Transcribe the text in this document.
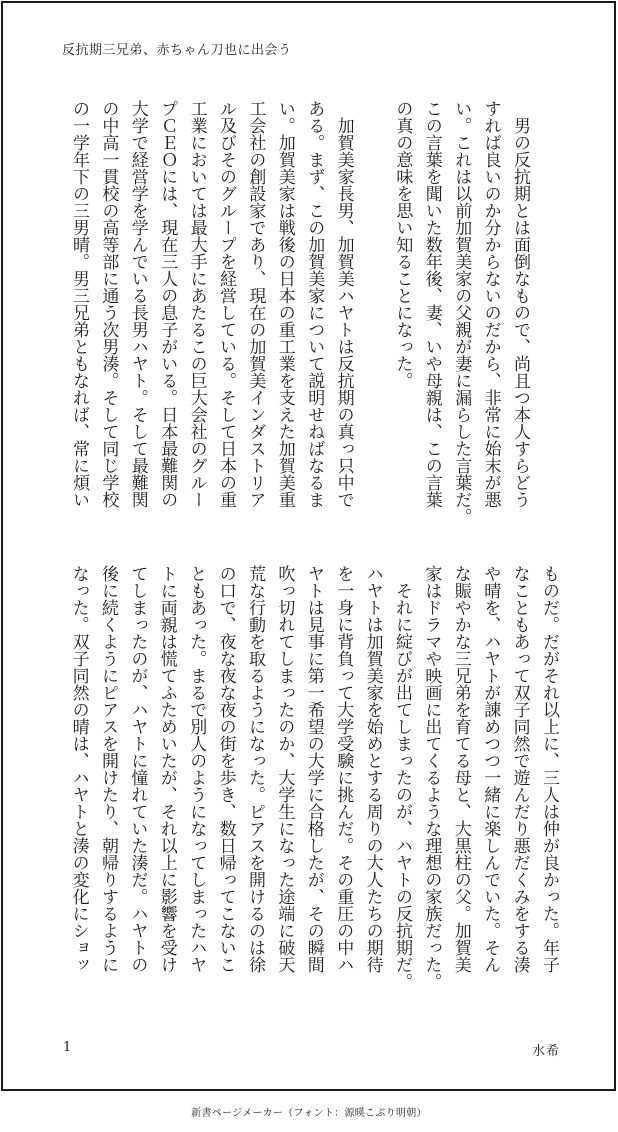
反抗期三兄弟、赤ちゃん刀也に出会う
　男の反抗期とは面倒なもので、尚且つ本人すらどう
すれば良いのか分からないのだから、非常に始末が悪
い。これは以前加賀美家の父親が妻に漏らした言葉だ。
この言葉を聞いた数年後、妻、いや母親は、この言葉
の真の意味を思い知ることになった。
　加賀美家長男、加賀美ハヤトは反抗期の真っ只中で
ある。まず、この加賀美家について説明せねばなるま
い。加賀美家は戦後の日本の重工業を支えた加賀美重
工会社の創設家であり、現在の加賀美インダストリア
ル及びそのグループを経営している。そして日本の重
工業においては最大手にあたるこの巨大会社のグルー
プＣＥＯには、現在三人の息子がいる。日本最難関の
大学で経営学を学んでいる長男ハヤト。そして最難関
の中高一貫校の高等部に通う次男湊。そして同じ学校
の一学年下の三男晴。男三兄弟ともなれば、常に煩い
ものだ。だがそれ以上に、三人は仲が良かった。年子
なこともあって双子同然で遊んだり悪だくみをする湊
や晴を、ハヤトが諌めつつ一緒に楽しんでいた。そん
な賑やかな三兄弟を育てる母と、大黒柱の父。加賀美
家はドラマや映画に出てくるような理想の家族だった。
　それに綻びが出てしまったのが、ハヤトの反抗期だ。
ハヤトは加賀美家を始めとする周りの大人たちの期待
を一身に背負って大学受験に挑んだ。その重圧の中ハ
ヤトは見事に第一希望の大学に合格したが、その瞬間
吹っ切れてしまったのか、大学生になった途端に破天
荒な行動を取るようになった。ピアスを開けるのは徐
の口で、夜な夜な夜の街を歩き、数日帰ってこないこ
ともあった。まるで別人のようになってしまったハヤ
トに両親は慌てふためいたが、それ以上に影響を受け
てしまったのが、ハヤトに憧れていた湊だ。ハヤトの
後に続くようにピアスを開けたり、朝帰りするように
なった。双子同然の晴は、ハヤトと湊の変化にショッ
1	水希
新書ページメーカー（フォント：源暎こぶり明朝）
